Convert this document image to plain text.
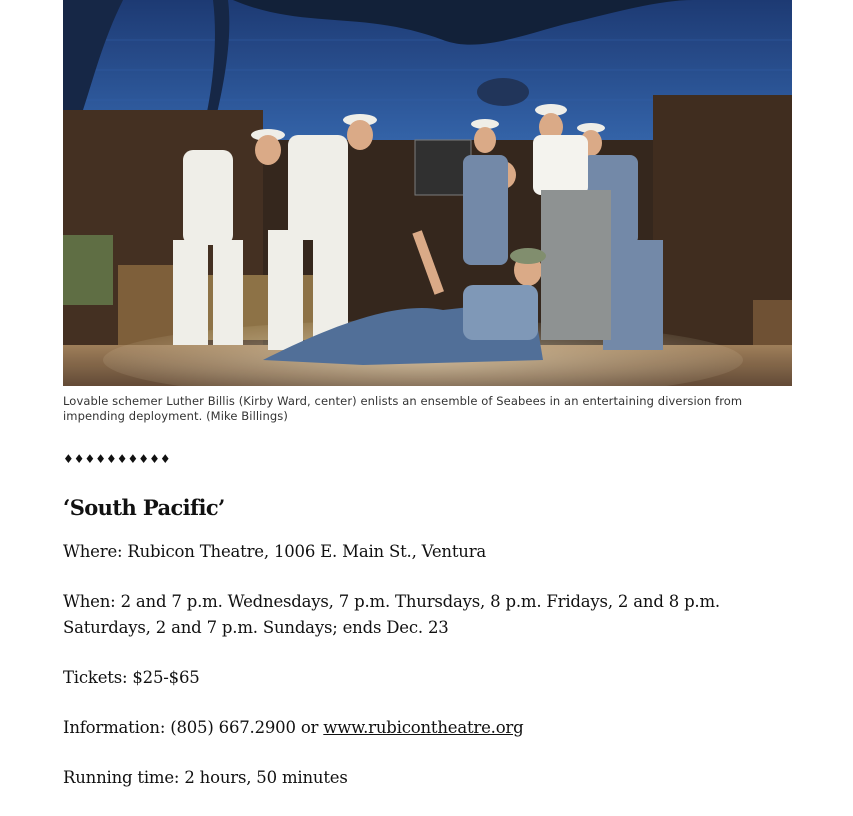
Lovable schemer Luther Billis (Kirby Ward, center) enlists an ensemble of Seabees in an entertaining diversion from impending deployment. (Mike Billings)
♦♦♦♦♦♦♦♦♦♦
‘South Pacific’

Where: Rubicon Theatre, 1006 E. Main St., Ventura

When: 2 and 7 p.m. Wednesdays, 7 p.m. Thursdays, 8 p.m. Fridays, 2 and 8 p.m. Saturdays, 2 and 7 p.m. Sundays; ends Dec. 23

Tickets: $25-$65

Information: (805) 667.2900 or www.rubicontheatre.org

Running time: 2 hours, 50 minutes
